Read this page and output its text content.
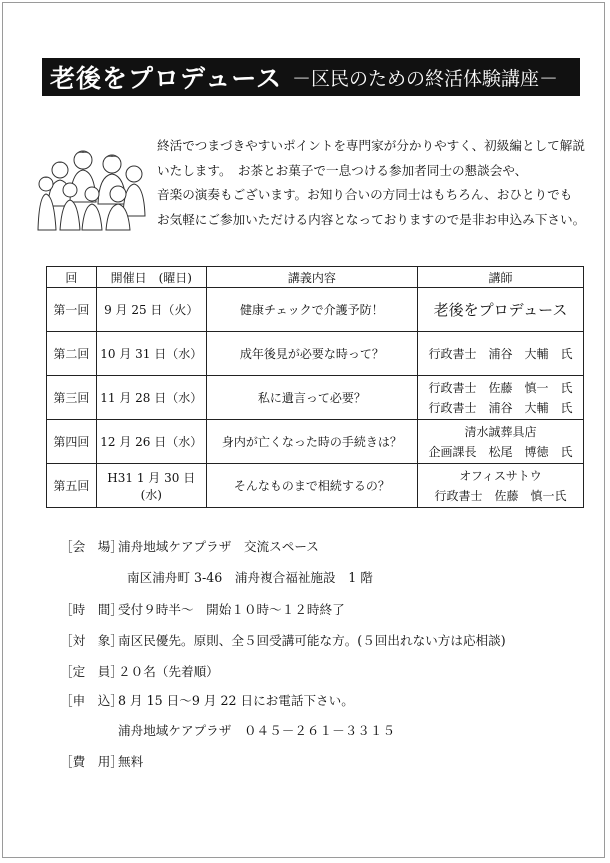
老後をプロデュース －区民のための終活体験講座－
終活でつまづきやすいポイントを専門家が分かりやすく、初級編として解説
いたします。　お茶とお菓子で一息つける参加者同士の懇談会や、
音楽の演奏もございます。お知り合いの方同士はもちろん、おひとりでも
お気軽にご参加いただける内容となっておりますので是非お申込み下さい。
回	開催日　(曜日)	講義内容	講師
第一回	9 月 25 日（火）	健康チェックで介護予防！	老後をプロデュース

第二回	10 月 31 日（水）	成年後見が必要な時って？	行政書士　浦谷　大輔　氏

第三回	11 月 28 日（水）	私に遺言って必要？	行政書士　佐藤　慎一　氏
行政書士　浦谷　大輔　氏

第四回	12 月 26 日（水）	身内が亡くなった時の手続きは？	清水誠葬具店
企画課長　松尾　博徳　氏

第五回	H31 1 月 30 日(水)	そんなものまで相続するの？	オフィスサトウ
行政書士　佐藤　慎一氏
［会　場］浦舟地域ケアプラザ　交流スペース
南区浦舟町 3-46　浦舟複合福祉施設　1 階
［時　間］受付９時半～　開始１０時～１２時終了
［対　象］南区民優先。原則、全５回受講可能な方。(５回出れない方は応相談)
［定　員］２０名（先着順）
［申　込］8 月 15 日～9 月 22 日にお電話下さい。
浦舟地域ケアプラザ　０４５－２６１－３３１５
［費　用］無料
